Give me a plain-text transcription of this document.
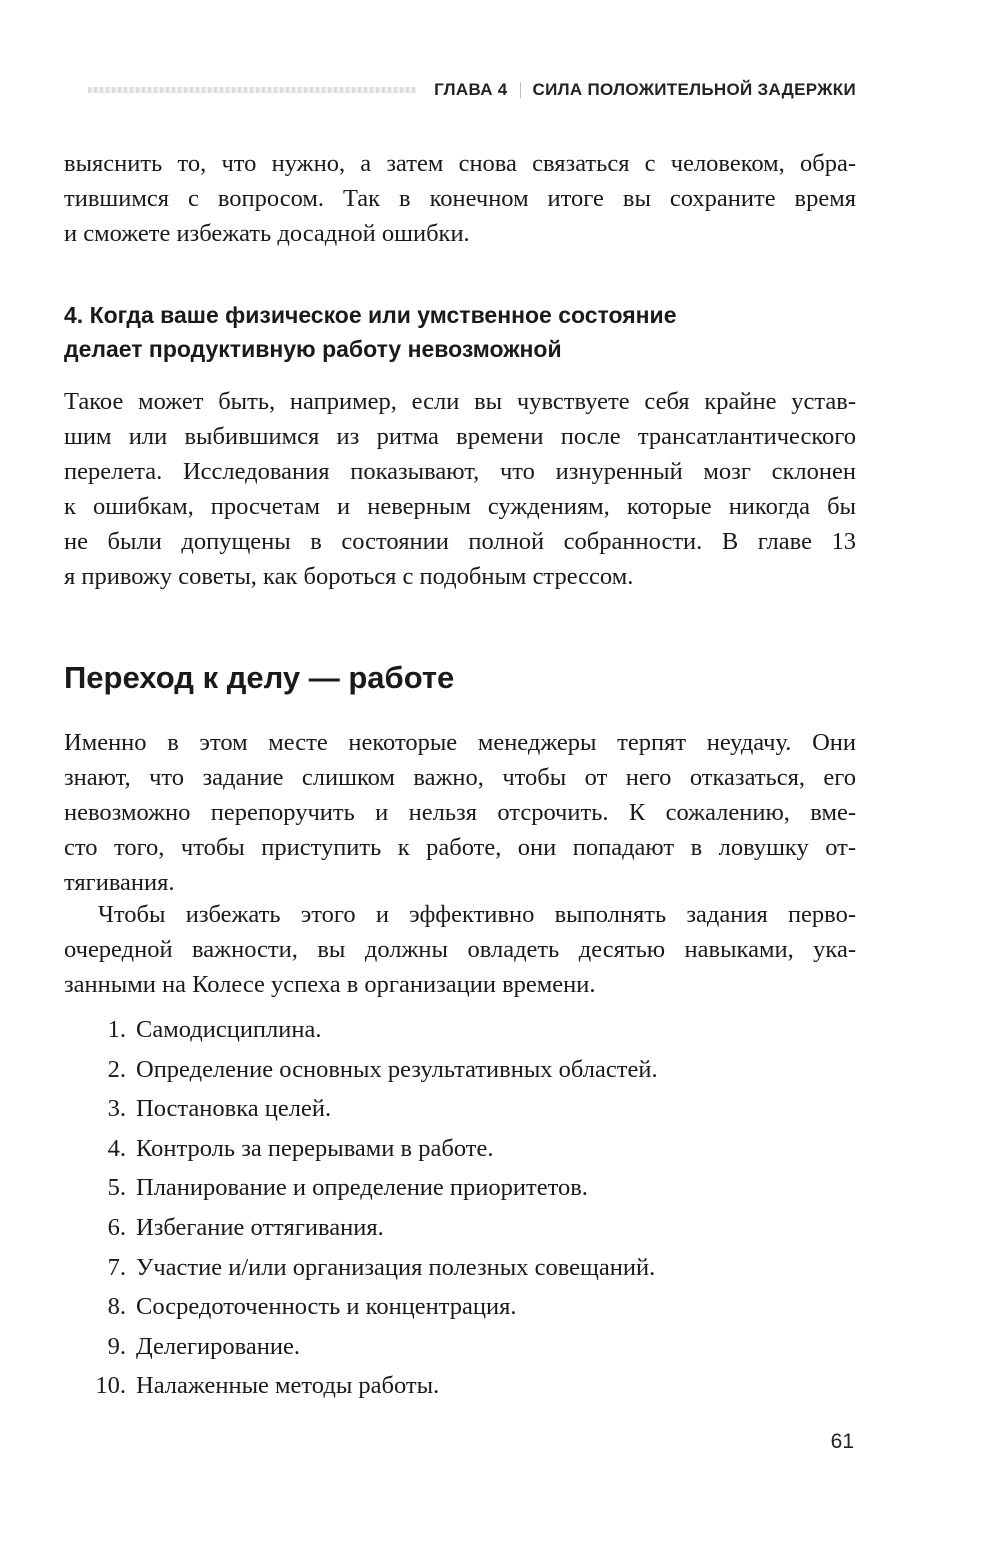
ГЛАВА 4 СИЛА ПОЛОЖИТЕЛЬНОЙ ЗАДЕРЖКИ

выяснить то, что нужно, а затем снова связаться с человеком, обра-
тившимся с вопросом. Так в конечном итоге вы сохраните время
и сможете избежать досадной ошибки.

4. Когда ваше физическое или умственное состояние
делает продуктивную работу невозможной

Такое может быть, например, если вы чувствуете себя крайне устав-
шим или выбившимся из ритма времени после трансатлантического
перелета. Исследования показывают, что изнуренный мозг склонен
к ошибкам, просчетам и неверным суждениям, которые никогда бы
не были допущены в состоянии полной собранности. В главе 13
я привожу советы, как бороться с подобным стрессом.

Переход к делу — работе

Именно в этом месте некоторые менеджеры терпят неудачу. Они
знают, что задание слишком важно, чтобы от него отказаться, его
невозможно перепоручить и нельзя отсрочить. К сожалению, вме-
сто того, чтобы приступить к работе, они попадают в ловушку от-
тягивания.

Чтобы избежать этого и эффективно выполнять задания перво-
очередной важности, вы должны овладеть десятью навыками, ука-
занными на Колесе успеха в организации времени.

1. Самодисциплина.
2. Определение основных результативных областей.
3. Постановка целей.
4. Контроль за перерывами в работе.
5. Планирование и определение приоритетов.
6. Избегание оттягивания.
7. Участие и/или организация полезных совещаний.
8. Сосредоточенность и концентрация.
9. Делегирование.
10. Налаженные методы работы.
61
